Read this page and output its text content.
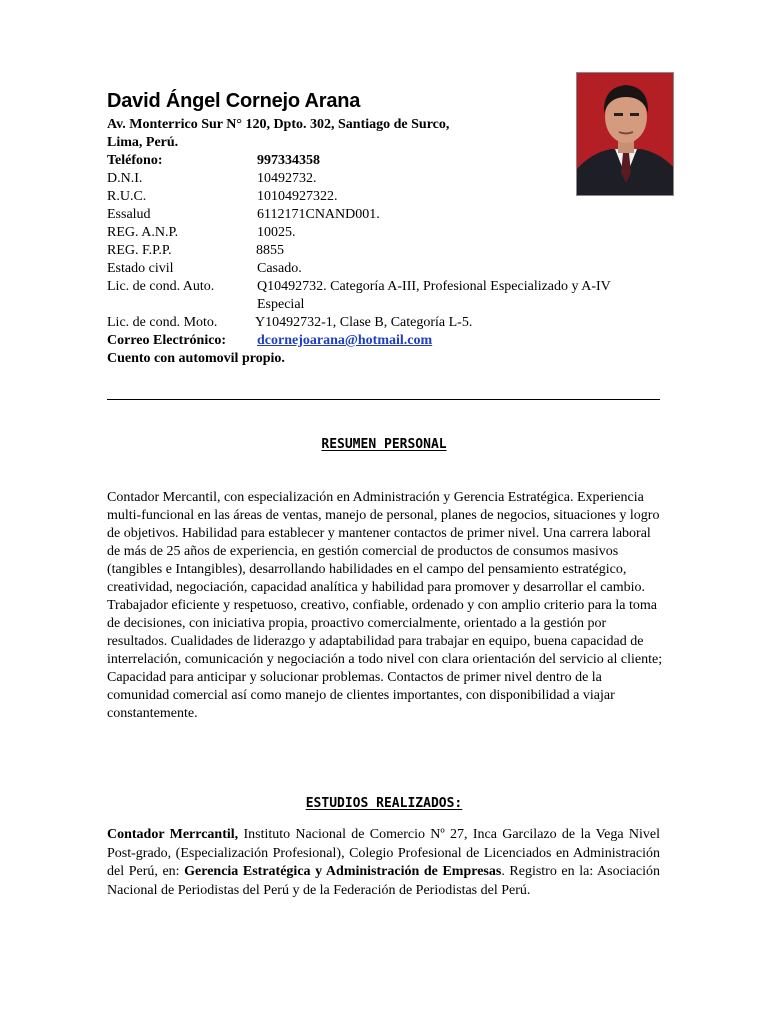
David Ángel Cornejo Arana
Av. Monterrico Sur N° 120, Dpto. 302, Santiago de Surco,
Lima, Perú.
Teléfono:	997334358
D.N.I.	10492732.
R.U.C.	10104927322.
Essalud	6112171CNAND001.
REG. A.N.P.	10025.
REG. F.P.P.	8855
Estado civil	Casado.
Lic. de cond. Auto.	Q10492732. Categoría A-III, Profesional Especializado y A-IV
Especial
Lic. de cond. Moto.	Y10492732-1, Clase B, Categoría L-5.
Correo Electrónico: dcornejoarana@hotmail.com
Cuento con automovil propio.
RESUMEN PERSONAL
Contador Mercantil, con especialización en Administración y Gerencia Estratégica. Experiencia multi-funcional en las áreas de ventas, manejo de personal, planes de negocios, situaciones y logro de objetivos. Habilidad para establecer y mantener contactos de primer nivel. Una carrera laboral de más de 25 años de experiencia, en gestión comercial de productos de consumos masivos (tangibles e Intangibles), desarrollando habilidades en el campo del pensamiento estratégico, creatividad, negociación, capacidad analítica y habilidad para promover y desarrollar el cambio. Trabajador eficiente y respetuoso, creativo, confiable, ordenado y con amplio criterio para la toma de decisiones, con iniciativa propia, proactivo comercialmente, orientado a la gestión por resultados. Cualidades de liderazgo y adaptabilidad para trabajar en equipo, buena capacidad de interrelación, comunicación y negociación a todo nivel con clara orientación del servicio al cliente; Capacidad para anticipar y solucionar problemas. Contactos de primer nivel dentro de la comunidad comercial así como manejo de clientes importantes, con disponibilidad a viajar constantemente.
ESTUDIOS REALIZADOS:
Contador Merrcantil, Instituto Nacional de Comercio Nº 27, Inca Garcilazo de la Vega Nivel Post-grado, (Especialización Profesional), Colegio Profesional de Licenciados en Administración del Perú, en: Gerencia Estratégica y Administración de Empresas. Registro en la: Asociación Nacional de Periodistas del Perú y de la Federación de Periodistas del Perú.
